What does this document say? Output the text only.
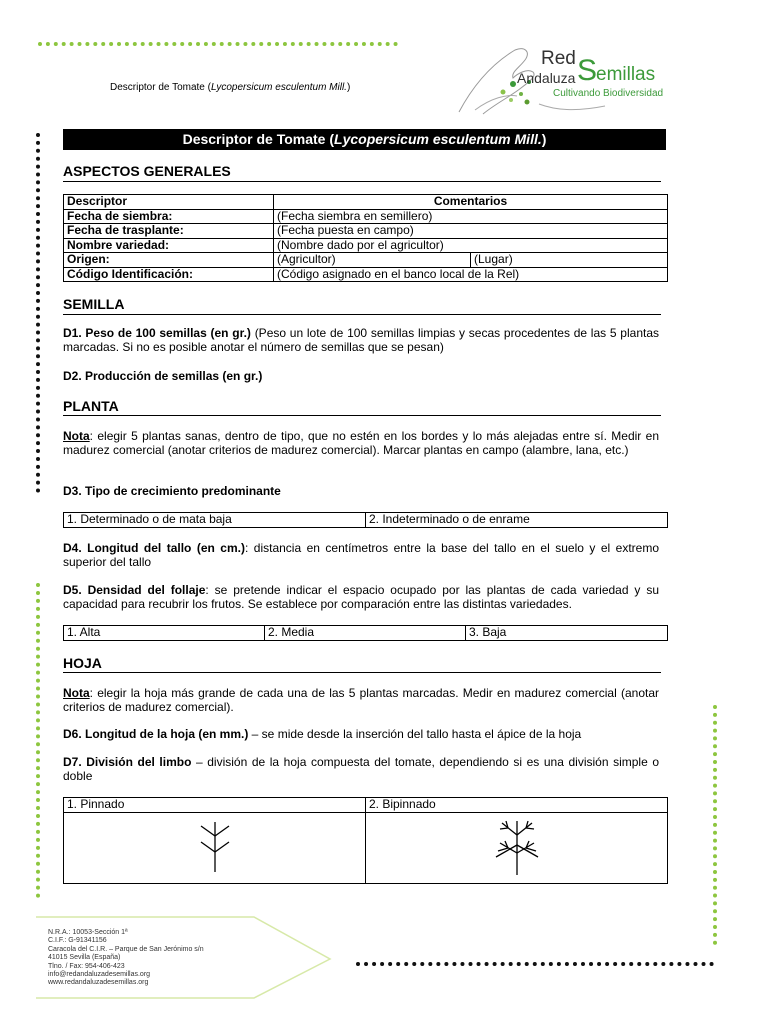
Descriptor de Tomate (Lycopersicum esculentum Mill.)
Red
Andaluza S
emillas
Cultivando Biodiversidad
Descriptor de Tomate (Lycopersicum esculentum Mill.)
ASPECTOS GENERALES
Descriptor	Comentarios	
Fecha de siembra:	(Fecha siembra en semillero)	
Fecha de trasplante:	(Fecha puesta en campo)	
Nombre variedad:	(Nombre dado por el agricultor)	
Origen:	(Agricultor)	(Lugar)
Código Identificación:	(Código asignado en el banco local de la Rel)	
SEMILLA
D1. Peso de 100 semillas (en gr.) (Peso un lote de 100 semillas limpias y secas procedentes de las 5 plantas marcadas. Si no es posible anotar el número de semillas que se pesan)
D2. Producción de semillas (en gr.)
PLANTA
Nota: elegir 5 plantas sanas, dentro de tipo, que no estén en los bordes y lo más alejadas entre sí. Medir en madurez comercial (anotar criterios de madurez comercial). Marcar plantas en campo (alambre, lana, etc.)
D3. Tipo de crecimiento predominante
1. Determinado o de mata baja	2. Indeterminado o de enrame
D4. Longitud del tallo (en cm.): distancia en centímetros entre la base del tallo en el suelo y el extremo superior del tallo
D5. Densidad del follaje: se pretende indicar el espacio ocupado por las plantas de cada variedad y su capacidad para recubrir los frutos. Se establece por comparación entre las distintas variedades.
1. Alta	2. Media	3. Baja
HOJA
Nota: elegir la hoja más grande de cada una de las 5 plantas marcadas. Medir en madurez comercial (anotar criterios de madurez comercial).
D6. Longitud de la hoja (en mm.) – se mide desde la inserción del tallo hasta el ápice de la hoja
D7. División del limbo – división de la hoja compuesta del tomate, dependiendo si es una división simple o doble
1. Pinnado	2. Bipinnado

N.R.A.: 10053-Sección 1ª
C.I.F.: G-91341156
Caracola del C.I.R. – Parque de San Jerónimo s/n
41015 Sevilla (España)
Tlno. / Fax: 954-406-423
info@redandaluzadesemillas.org
www.redandaluzadesemillas.org
